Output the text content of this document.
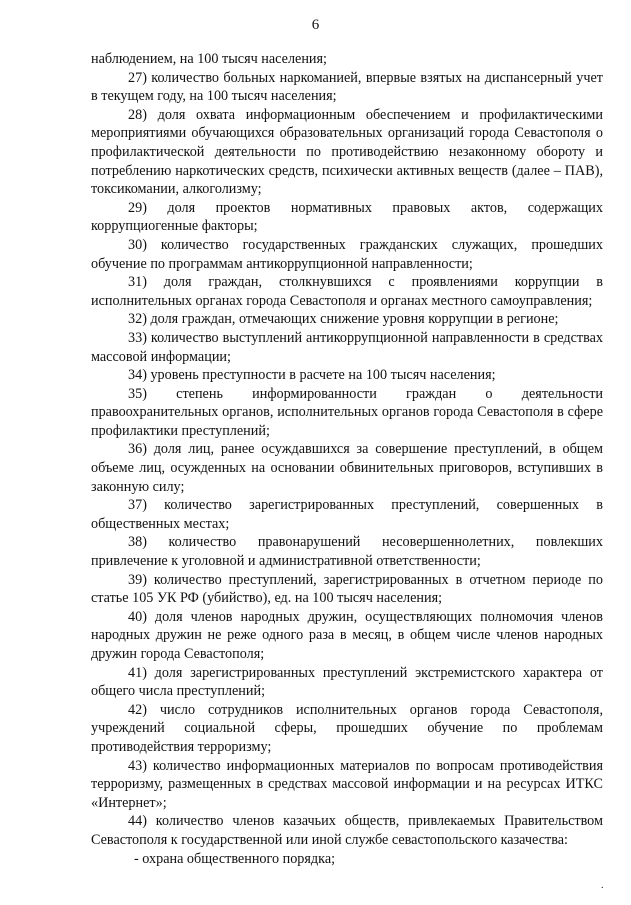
6

наблюдением, на 100 тысяч населения;

27) количество больных наркоманией, впервые взятых на диспансерный учет в текущем году, на 100 тысяч населения;

28) доля охвата информационным обеспечением и профилактическими мероприятиями обучающихся образовательных организаций города Севастополя о профилактической деятельности по противодействию незаконному обороту и потреблению наркотических средств, психически активных веществ (далее – ПАВ), токсикомании, алкоголизму;

29) доля проектов нормативных правовых актов, содержащих коррупциогенные факторы;

30) количество государственных гражданских служащих, прошедших обучение по программам антикоррупционной направленности;

31) доля граждан, столкнувшихся с проявлениями коррупции в исполнительных органах города Севастополя и органах местного самоуправления;

32) доля граждан, отмечающих снижение уровня коррупции в регионе;

33) количество выступлений антикоррупционной направленности в средствах массовой информации;

34) уровень преступности в расчете на 100 тысяч населения;

35) степень информированности граждан о деятельности правоохранительных органов, исполнительных органов города Севастополя в сфере профилактики преступлений;

36) доля лиц, ранее осуждавшихся за совершение преступлений, в общем объеме лиц, осужденных на основании обвинительных приговоров, вступивших в законную силу;

37) количество зарегистрированных преступлений, совершенных в общественных местах;

38) количество правонарушений несовершеннолетних, повлекших привлечение к уголовной и административной ответственности;

39) количество преступлений, зарегистрированных в отчетном периоде по статье 105 УК РФ (убийство), ед. на 100 тысяч населения;

40) доля членов народных дружин, осуществляющих полномочия членов народных дружин не реже одного раза в месяц, в общем числе членов народных дружин города Севастополя;

41) доля зарегистрированных преступлений экстремистского характера от общего числа преступлений;

42) число сотрудников исполнительных органов города Севастополя, учреждений социальной сферы, прошедших обучение по проблемам противодействия терроризму;

43) количество информационных материалов по вопросам противодействия терроризму, размещенных в средствах массовой информации и на ресурсах ИТКС «Интернет»;

44) количество членов казачьих обществ, привлекаемых Правительством Севастополя к государственной или иной службе севастопольского казачества:

- охрана общественного порядка;

.
